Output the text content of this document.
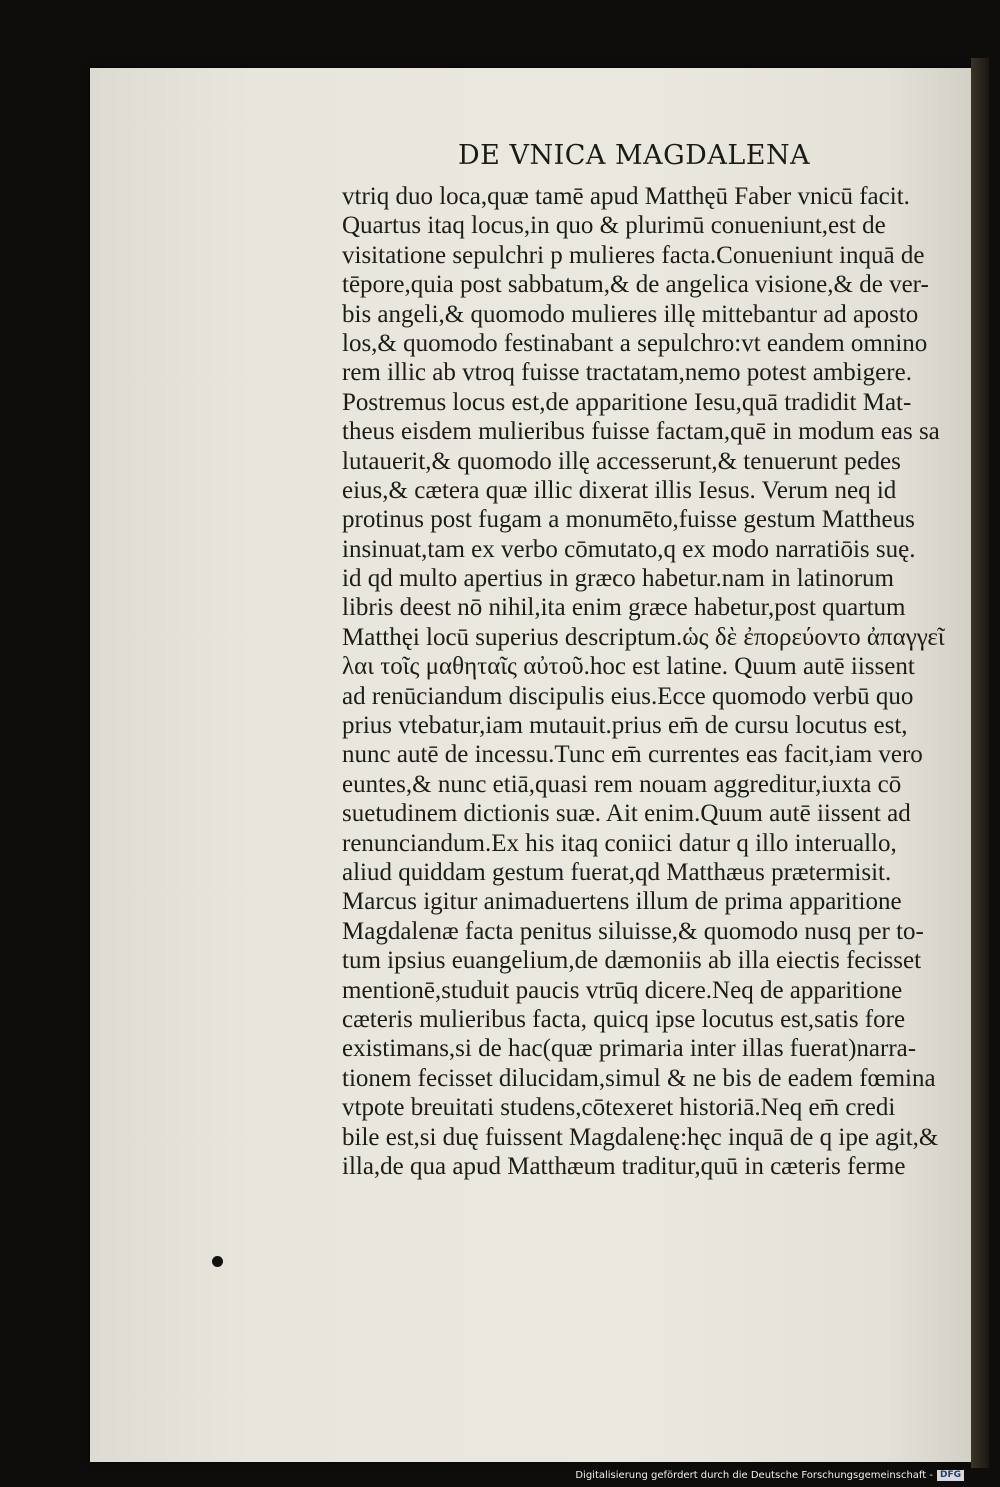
DE VNICA MAGDALENA
vtriq duo loca,quæ tamē apud Matthęū Faber vnicū facit.
Quartus itaq locus,in quo & plurimū conueniunt,est de
visitatione sepulchri p mulieres facta.Conueniunt inquā de
tēpore,quia post sabbatum,& de angelica visione,& de ver-
bis angeli,& quomodo mulieres illę mittebantur ad aposto
los,& quomodo festinabant a sepulchro:vt eandem omnino
rem illic ab vtroq fuisse tractatam,nemo potest ambigere.
Postremus locus est,de apparitione Iesu,quā tradidit Mat-
theus eisdem mulieribus fuisse factam,quē in modum eas sa
lutauerit,& quomodo illę accesserunt,& tenuerunt pedes
eius,& cætera quæ illic dixerat illis Iesus. Verum neq id
protinus post fugam a monumēto,fuisse gestum Mattheus
insinuat,tam ex verbo cōmutato,q ex modo narratiōis suę.
id qd multo apertius in græco habetur.nam in latinorum
libris deest nō nihil,ita enim græce habetur,post quartum
Matthęi locū superius descriptum.ὡς δὲ ἐπορεύοντο ἀπαγγεῖ
λαι τοῖς μαθηταῖς αὐτοῦ.hoc est latine. Quum autē iissent
ad renūciandum discipulis eius.Ecce quomodo verbū quo
prius vtebatur,iam mutauit.prius em̄ de cursu locutus est,
nunc autē de incessu.Tunc em̄ currentes eas facit,iam vero
euntes,& nunc etiā,quasi rem nouam aggreditur,iuxta cō
suetudinem dictionis suæ. Ait enim.Quum autē iissent ad
renunciandum.Ex his itaq coniici datur q illo interuallo,
aliud quiddam gestum fuerat,qd Matthæus prætermisit.
Marcus igitur animaduertens illum de prima apparitione
Magdalenæ facta penitus siluisse,& quomodo nusq per to-
tum ipsius euangelium,de dæmoniis ab illa eiectis fecisset
mentionē,studuit paucis vtrūq dicere.Neq de apparitione
cæteris mulieribus facta, quicq ipse locutus est,satis fore
existimans,si de hac(quæ primaria inter illas fuerat)narra-
tionem fecisset dilucidam,simul & ne bis de eadem fœmina
vtpote breuitati studens,cōtexeret historiā.Neq em̄ credi
bile est,si duę fuissent Magdalenę:hęc inquā de q ipe agit,&
illa,de qua apud Matthæum traditur,quū in cæteris ferme
Digitalisierung gefördert durch die Deutsche Forschungsgemeinschaft - DFG
